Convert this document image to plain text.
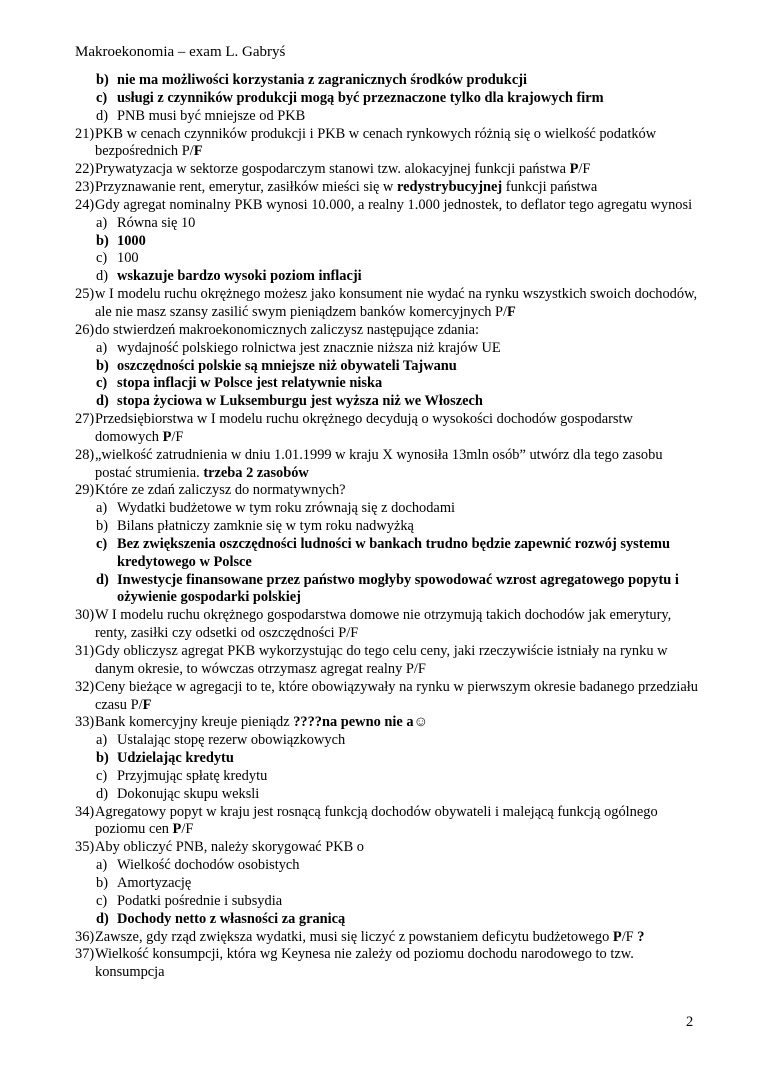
Makroekonomia – exam L. Gabryś
b) nie ma możliwości korzystania z zagranicznych środków produkcji
c) usługi z czynników produkcji mogą być przeznaczone tylko dla krajowych firm
d) PNB musi być mniejsze od PKB
21) PKB w cenach czynników produkcji i PKB w cenach rynkowych różnią się o wielkość podatków bezpośrednich P/F
22) Prywatyzacja w sektorze gospodarczym stanowi tzw. alokacyjnej funkcji państwa P/F
23) Przyznawanie rent, emerytur, zasiłków mieści się w redystrybucyjnej funkcji państwa
24) Gdy agregat nominalny PKB wynosi 10.000, a realny 1.000 jednostek, to deflator tego agregatu wynosi
a) Równa się 10
b) 1000
c) 100
d) wskazuje bardzo wysoki poziom inflacji
25) w I modelu ruchu okrężnego możesz jako konsument nie wydać na rynku wszystkich swoich dochodów, ale nie masz szansy zasilić swym pieniądzem banków komercyjnych P/F
26) do stwierdzeń makroekonomicznych zaliczysz następujące zdania:
a) wydajność polskiego rolnictwa jest znacznie niższa niż krajów UE
b) oszczędności polskie są mniejsze niż obywateli Tajwanu
c) stopa inflacji w Polsce jest relatywnie niska
d) stopa życiowa w Luksemburgu jest wyższa niż we Włoszech
27) Przedsiębiorstwa w I modelu ruchu okrężnego decydują o wysokości dochodów gospodarstw domowych P/F
28) „wielkość zatrudnienia w dniu 1.01.1999 w kraju X wynosiła 13mln osób” utwórz dla tego zasobu postać strumienia. trzeba 2 zasobów
29) Które ze zdań zaliczysz do normatywnych?
a) Wydatki budżetowe w tym roku zrównają się z dochodami
b) Bilans płatniczy zamknie się w tym roku nadwyżką
c) Bez zwiększenia oszczędności ludności w bankach trudno będzie zapewnić rozwój systemu kredytowego w Polsce
d) Inwestycje finansowane przez państwo mogłyby spowodować wzrost agregatowego popytu i ożywienie gospodarki polskiej
30) W I modelu ruchu okrężnego gospodarstwa domowe nie otrzymują takich dochodów jak emerytury, renty, zasiłki czy odsetki od oszczędności P/F
31) Gdy obliczysz agregat PKB wykorzystując do tego celu ceny, jaki rzeczywiście istniały na rynku w danym okresie, to wówczas otrzymasz agregat realny P/F
32) Ceny bieżące w agregacji to te, które obowiązywały na rynku w pierwszym okresie badanego przedziału czasu P/F
33) Bank komercyjny kreuje pieniądz ????na pewno nie a☺
a) Ustalając stopę rezerw obowiązkowych
b) Udzielając kredytu
c) Przyjmując spłatę kredytu
d) Dokonując skupu weksli
34) Agregatowy popyt w kraju jest rosnącą funkcją dochodów obywateli i malejącą funkcją ogólnego poziomu cen P/F
35) Aby obliczyć PNB, należy skorygować PKB o
a) Wielkość dochodów osobistych
b) Amortyzację
c) Podatki pośrednie i subsydia
d) Dochody netto z własności za granicą
36) Zawsze, gdy rząd zwiększa wydatki, musi się liczyć z powstaniem deficytu budżetowego P/F ?
37) Wielkość konsumpcji, która wg Keynesa nie zależy od poziomu dochodu narodowego to tzw. konsumpcja
2
